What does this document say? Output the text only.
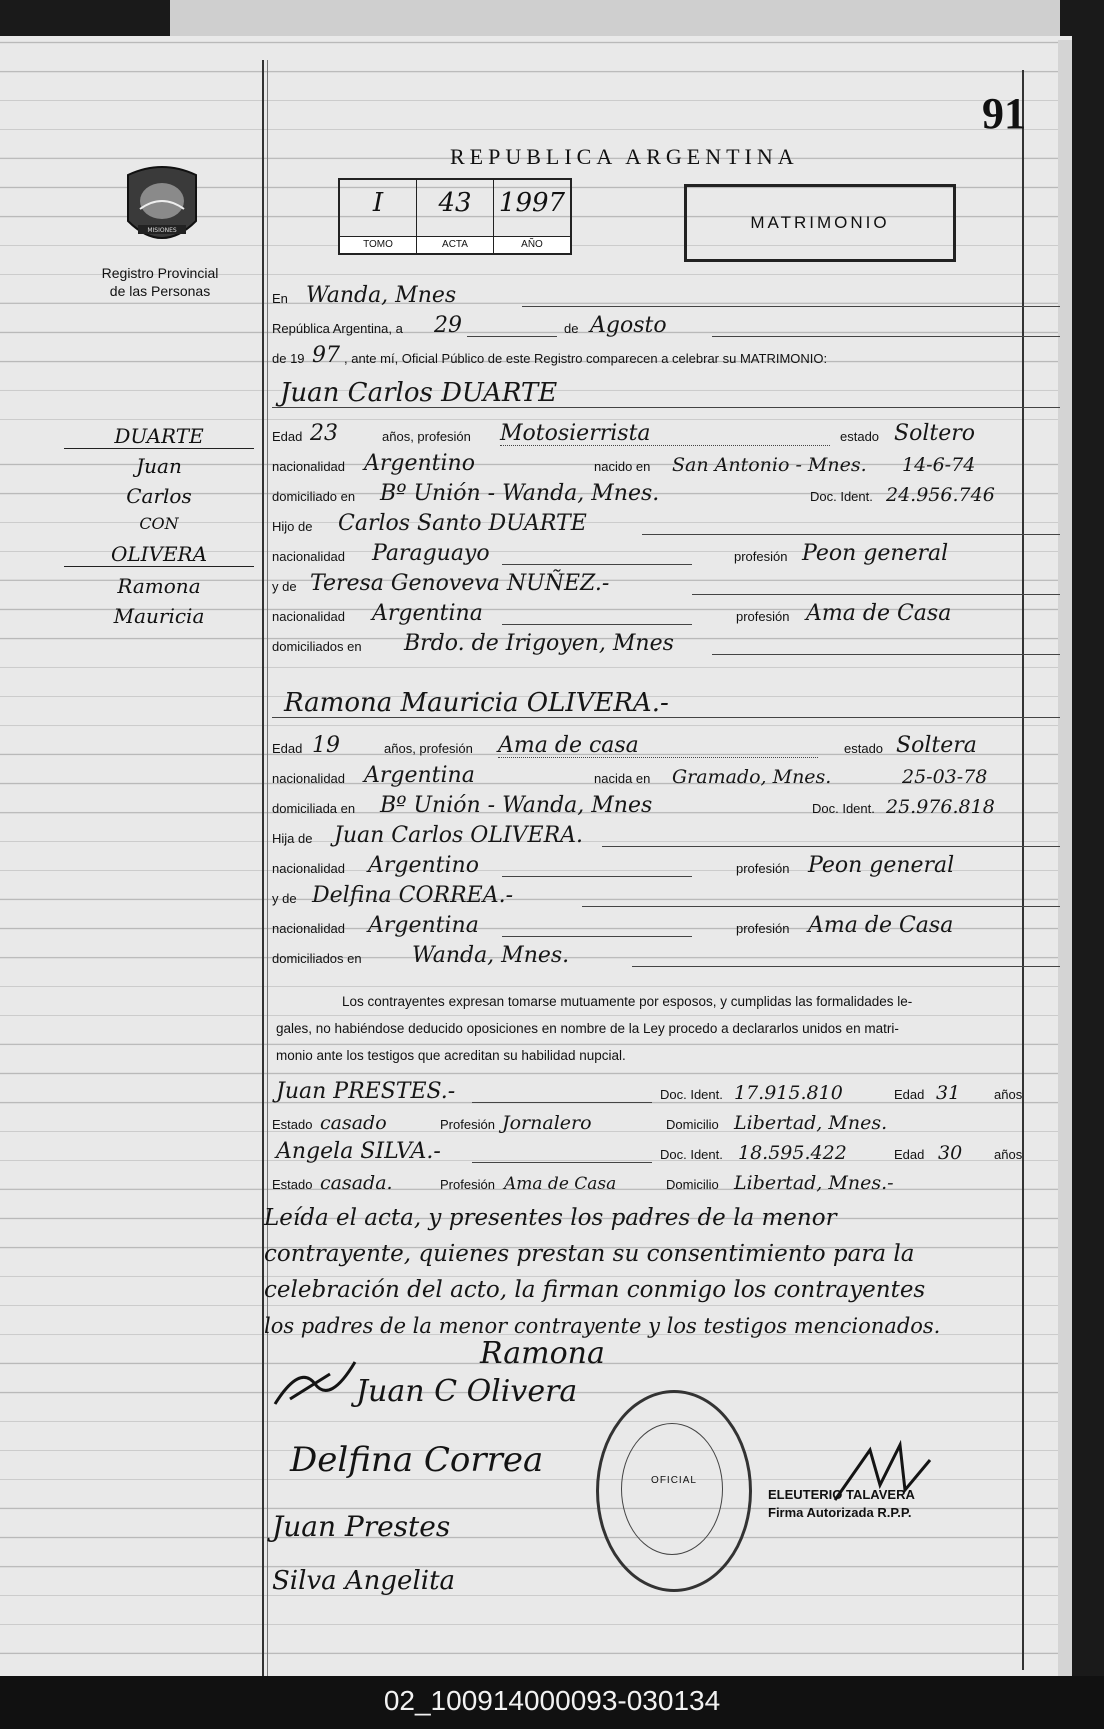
91
REPUBLICA ARGENTINA
MISIONES
Registro Provincial
de las Personas
I
TOMO
43
ACTA
1997
AÑO
MATRIMONIO
En Wanda, Mnes
República Argentina, a 29	de Agosto
de 19 97 , ante mí, Oficial Público de este Registro comparecen a celebrar su MATRIMONIO:
Juan Carlos DUARTE
Edad 23	años, profesión Motosierrista	estado Soltero
nacionalidad Argentino	nacido en San Antonio - Mnes. 14-6-74
domiciliado en Bº Unión - Wanda, Mnes.	Doc. Ident. 24.956.746
Hijo de Carlos Santo DUARTE
nacionalidad Paraguayo	profesión Peon general
y de Teresa Genoveva NUÑEZ.-
nacionalidad Argentina	profesión Ama de Casa
domiciliados en Brdo. de Irigoyen, Mnes
Ramona Mauricia OLIVERA.-
Edad 19	años, profesión Ama de casa	estado Soltera
nacionalidad Argentina	nacida en Gramado, Mnes.	25-03-78
domiciliada en Bº Unión - Wanda, Mnes	Doc. Ident. 25.976.818
Hija de Juan Carlos OLIVERA.
nacionalidad Argentino	profesión Peon general
y de Delfina CORREA.-
nacionalidad Argentina	profesión Ama de Casa
domiciliados en Wanda, Mnes.
Los contrayentes expresan tomarse mutuamente por esposos, y cumplidas las formalidades le-
gales, no habiéndose deducido oposiciones en nombre de la Ley procedo a declararlos unidos en matri-
monio ante los testigos que acreditan su habilidad nupcial.
Juan PRESTES.-	Doc. Ident. 17.915.810	Edad 31	años
Estado casado	Profesión Jornalero	Domicilio Libertad, Mnes.
Angela SILVA.-	Doc. Ident. 18.595.422	Edad 30 años
Estado casada.	Profesión Ama de Casa	Domicilio Libertad, Mnes.-
Leída el acta, y presentes los padres de la menor
contrayente, quienes prestan su consentimiento para la
celebración del acto, la firman conmigo los contrayentes
los padres de la menor contrayente y los testigos mencionados.
DUARTE
Juan
Carlos
CON
OLIVERA
Ramona
Mauricia
Ramona
Juan C Olivera
Delfina Correa
Juan Prestes
Silva Angelita
OFICIAL
ELEUTERIO TALAVERA
Firma Autorizada R.P.P.
02_100914000093-030134
